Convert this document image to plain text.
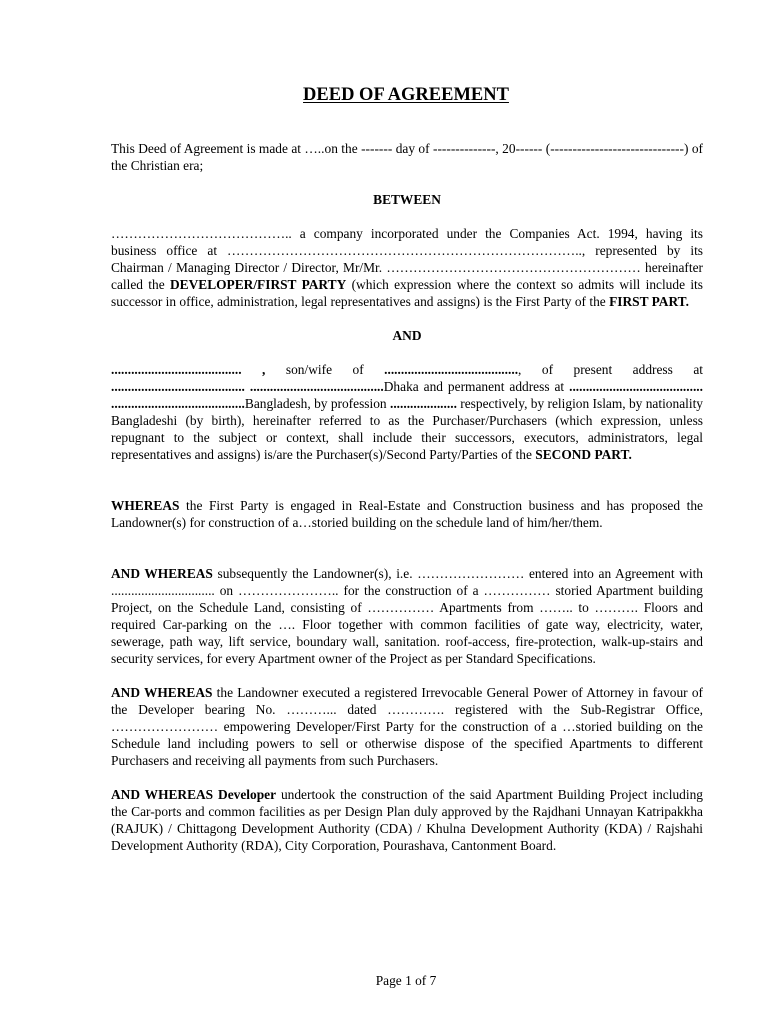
DEED OF AGREEMENT

This Deed of Agreement is made at …..on the ------- day of --------------, 20------ (------------------------------) of the Christian era;

BETWEEN

………………………………….. a company incorporated under the Companies Act. 1994, having its business office at …………………………………………………………………….., represented by its Chairman / Managing Director / Director, Mr/Mr. ………………………………………………… hereinafter called the DEVELOPER/FIRST PARTY (which expression where the context so admits will include its successor in office, administration, legal representatives and assigns) is the First Party of the FIRST PART.

AND

....................................... , son/wife of ........................................, of present address at ........................................ ........................................Dhaka and permanent address at ........................................ ........................................Bangladesh, by profession .................... respectively, by religion Islam, by nationality Bangladeshi (by birth), hereinafter referred to as the Purchaser/Purchasers (which expression, unless repugnant to the subject or context, shall include their successors, executors, administrators, legal representatives and assigns) is/are the Purchaser(s)/Second Party/Parties of the SECOND PART.

WHEREAS the First Party is engaged in Real-Estate and Construction business and has proposed the Landowner(s) for construction of a…storied building on the schedule land of him/her/them.

AND WHEREAS subsequently the Landowner(s), i.e. …………………… entered into an Agreement with ............................... on ………………….. for the construction of a …………… storied Apartment building Project, on the Schedule Land, consisting of …………… Apartments from …….. to ………. Floors and required Car-parking on the …. Floor together with common facilities of gate way, electricity, water, sewerage, path way, lift service, boundary wall, sanitation. roof-access, fire-protection, walk-up-stairs and security services, for every Apartment owner of the Project as per Standard Specifications.

AND WHEREAS the Landowner executed a registered Irrevocable General Power of Attorney in favour of the Developer bearing No. ………... dated …………. registered with the Sub-Registrar Office, …………………… empowering Developer/First Party for the construction of a …storied building on the Schedule land including powers to sell or otherwise dispose of the specified Apartments to different Purchasers and receiving all payments from such Purchasers.

AND WHEREAS Developer undertook the construction of the said Apartment Building Project including the Car-ports and common facilities as per Design Plan duly approved by the Rajdhani Unnayan Katripakkha (RAJUK) / Chittagong Development Authority (CDA) / Khulna Development Authority (KDA) / Rajshahi Development Authority (RDA), City Corporation, Pourashava, Cantonment Board.

Page 1 of 7
